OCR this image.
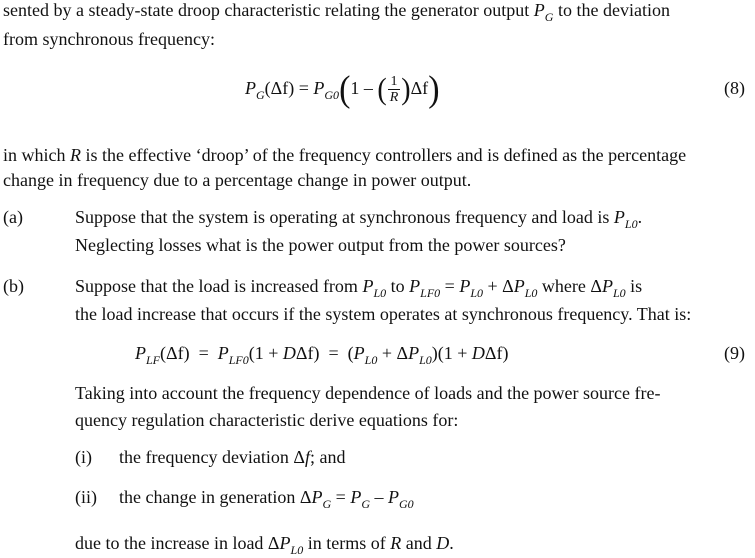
sented by a steady-state droop characteristic relating the generator output $P_G$ to the deviation
from synchronous frequency:
$P_G(\Delta f) = P_{G0}(1$ – ( $\frac{1}{R} )\Delta f$)	(8)
in which R is the effective ‘droop’ of the frequency controllers and is defined as the percentage
change in frequency due to a percentage change in power output.
(a)	Suppose that the system is operating at synchronous frequency and load is $P_{L0}$.
Neglecting losses what is the power output from the power sources?
(b)	Suppose that the load is increased from $P_{L0}$ to $P_{LF0} = P_{L0} + \Delta P_{L0}$ where $\Delta P_{L0}$ is
the load increase that occurs if the system operates at synchronous frequency. That is:
$P_{LF}(\Delta f) = P_{LF0}(1 + D\Delta f) = (P_{L0} + \Delta P_{L0})(1 + D\Delta f)$	(9)
Taking into account the frequency dependence of loads and the power source fre-
quency regulation characteristic derive equations for:
(i) the frequency deviation Δf; and
(ii) the change in generation $\Delta P_G = P_G - P_{G0}$
due to the increase in load $\Delta P_{L0}$ in terms of R and D.
